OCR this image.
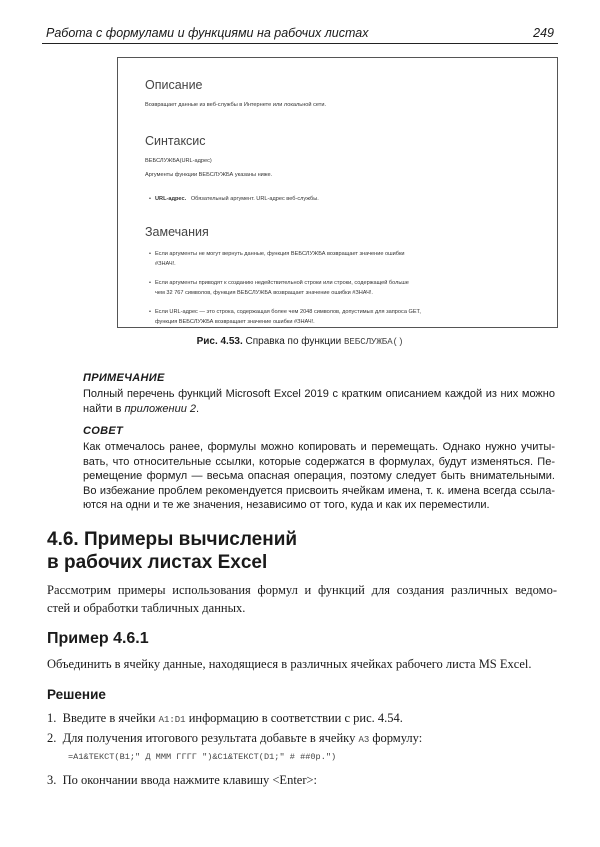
Работа с формулами и функциями на рабочих листах	249
Описание
Возвращает данные из веб-службы в Интернете или локальной сети.
Синтаксис
ВЕБСЛУЖБА(URL-адрес)
Аргументы функции ВЕБСЛУЖБА указаны ниже.
• URL-адрес. Обязательный аргумент. URL-адрес веб-службы.
Замечания
• Если аргументы не могут вернуть данные, функция ВЕБСЛУЖБА возвращает значение ошибки
#ЗНАЧ!.
• Если аргументы приводят к созданию недействительной строки или строки, содержащей больше
чем 32 767 символов, функция ВЕБСЛУЖБА возвращает значение ошибки #ЗНАЧ!.
• Если URL-адрес — это строка, содержащая более чем 2048 символов, допустимых для запроса GET,
функция ВЕБСЛУЖБА возвращает значение ошибки #ЗНАЧ!.
Рис. 4.53. Справка по функции ВЕБСЛУЖБА()
ПРИМЕЧАНИЕ
Полный перечень функций Microsoft Excel 2019 с кратким описанием каждой из них можно
найти в приложении 2.
СОВЕТ
Как отмечалось ранее, формулы можно копировать и перемещать. Однако нужно учиты-
вать, что относительные ссылки, которые содержатся в формулах, будут изменяться. Пе-
ремещение формул — весьма опасная операция, поэтому следует быть внимательными.
Во избежание проблем рекомендуется присвоить ячейкам имена, т. к. имена всегда ссыла-
ются на одни и те же значения, независимо от того, куда и как их переместили.
4.6. Примеры вычислений
в рабочих листах Excel
Рассмотрим примеры использования формул и функций для создания различных ведомо-
стей и обработки табличных данных.
Пример 4.6.1
Объединить в ячейку данные, находящиеся в различных ячейках рабочего листа MS Excel.
Решение
1. Введите в ячейки A1:D1 информацию в соответствии с рис. 4.54.
2. Для получения итогового результата добавьте в ячейку A3 формулу:
=A1&ТЕКСТ(B1;" Д МММ ГГГГ ")&C1&ТЕКСТ(D1;" # ##0р.")
3. По окончании ввода нажмите клавишу <Enter>:
